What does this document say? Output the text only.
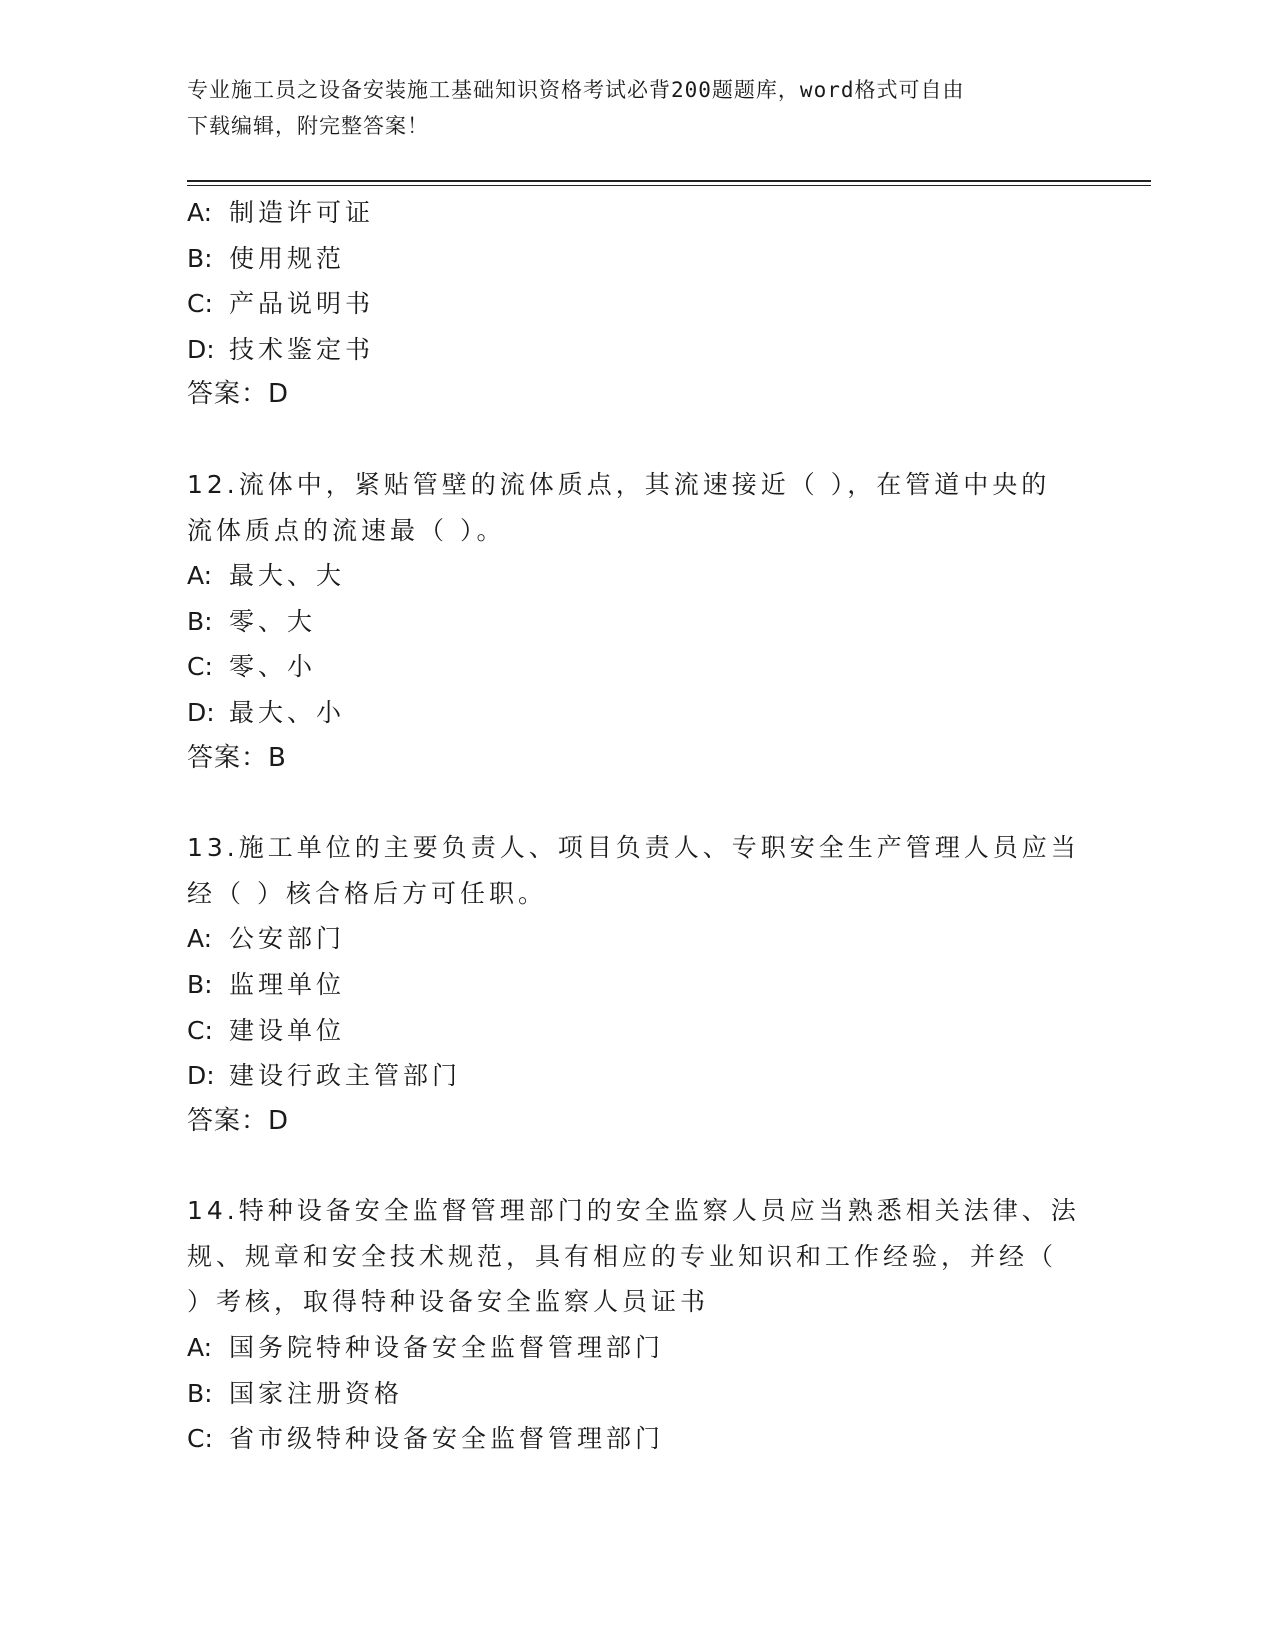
专业施工员之设备安装施工基础知识资格考试必背200题题库，word格式可自由
下载编辑，附完整答案！
A: 制造许可证
B: 使用规范
C: 产品说明书
D: 技术鉴定书
答案：D
12.流体中，紧贴管壁的流体质点，其流速接近（ ），在管道中央的
流体质点的流速最（ ）。
A: 最大、大
B: 零、大
C: 零、小
D: 最大、小
答案：B
13.施工单位的主要负责人、项目负责人、专职安全生产管理人员应当
经（ ）核合格后方可任职。
A: 公安部门
B: 监理单位
C: 建设单位
D: 建设行政主管部门
答案：D
14.特种设备安全监督管理部门的安全监察人员应当熟悉相关法律、法
规、规章和安全技术规范，具有相应的专业知识和工作经验，并经（
）考核，取得特种设备安全监察人员证书
A: 国务院特种设备安全监督管理部门
B: 国家注册资格
C: 省市级特种设备安全监督管理部门
